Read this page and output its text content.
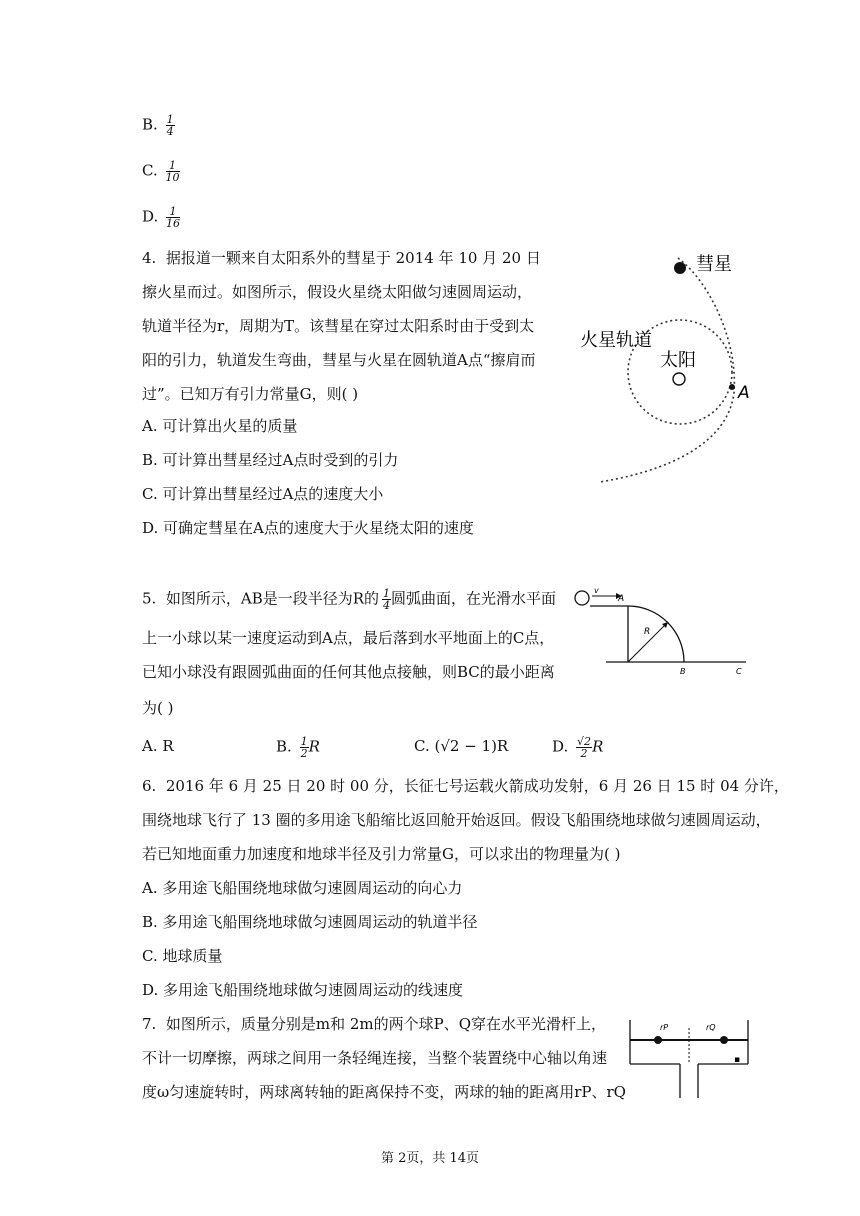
B. $\frac{1}{4}$
C. $\frac{1}{10}$
D. $\frac{1}{16}$
4. 据报道一颗来自太阳系外的彗星于 2014 年 10 月 20 日
擦火星而过。如图所示，假设火星绕太阳做匀速圆周运动，
轨道半径为r，周期为T。该彗星在穿过太阳系时由于受到太
阳的引力，轨道发生弯曲，彗星与火星在圆轨道A点“擦肩而
过”。已知万有引力常量G，则( )
A. 可计算出火星的质量
B. 可计算出彗星经过A点时受到的引力
C. 可计算出彗星经过A点的速度大小
D. 可确定彗星在A点的速度大于火星绕太阳的速度
彗星
火星轨道
太阳
A
5. 如图所示，AB是一段半径为R的 $\frac{1}{4}$ 圆弧曲面，在光滑水平面
上一小球以某一速度运动到A点，最后落到水平地面上的C点，
已知小球没有跟圆弧曲面的任何其他点接触，则BC的最小距离
为( )
A. R	B. $\frac{1}{2}$ R	C. (√2 − 1)R	D. $\frac{√2}{2}$ R
v
A
R
B	C
6. 2016 年 6 月 25 日 20 时 00 分，长征七号运载火箭成功发射，6 月 26 日 15 时 04 分许，
围绕地球飞行了 13 圈的多用途飞船缩比返回舱开始返回。假设飞船围绕地球做匀速圆周运动，
若已知地面重力加速度和地球半径及引力常量G，可以求出的物理量为( )
A. 多用途飞船围绕地球做匀速圆周运动的向心力
B. 多用途飞船围绕地球做匀速圆周运动的轨道半径
C. 地球质量
D. 多用途飞船围绕地球做匀速圆周运动的线速度
7. 如图所示，质量分别是m和 2m的两个球P、Q穿在水平光滑杆上，
不计一切摩擦，两球之间用一条轻绳连接，当整个装置绕中心轴以角速
度ω匀速旋转时，两球离转轴的距离保持不变，两球的轴的距离用rP、rQ
rP	rQ
▪
第 2页，共 14页
